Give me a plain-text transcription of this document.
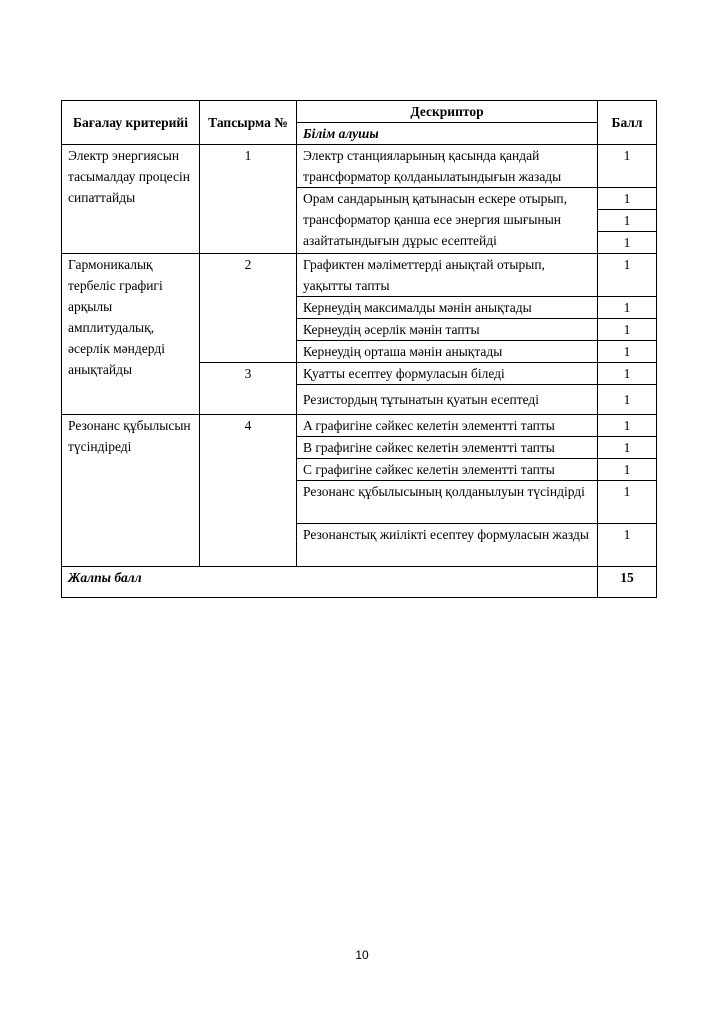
Бағалау критерийі	Тапсырма №	Дескриптор	Балл
		Білім алушы	
Электр энергиясын тасымалдау процесін сипаттайды	1	Электр станцияларының қасында қандай трансформатор қолданылатындығын жазады	1
		Орам сандарының қатынасын ескере отырып, трансформатор қанша есе энергия шығынын азайтатындығын дұрыс есептейді	1
			1
			1
Гармоникалық тербеліс графигі арқылы амплитудалық, әсерлік мәндерді анықтайды	2	Графиктен мәліметтерді анықтай отырып, уақытты тапты	1
		Кернеудің максималды мәнін анықтады	1
		Кернеудің әсерлік мәнін тапты	1
		Кернеудің орташа мәнін анықтады	1
	3	Қуатты есептеу формуласын біледі	1
		Резистордың тұтынатын қуатын есептеді	1
Резонанс құбылысын түсіндіреді	4	A графигіне сәйкес келетін элементті тапты	1
		B графигіне сәйкес келетін элементті тапты	1
		C графигіне сәйкес келетін элементті тапты	1
		Резонанс құбылысының қолданылуын түсіндірді	1
		Резонанстық жиілікті есептеу формуласын жазды	1
Жалпы балл			15
10
